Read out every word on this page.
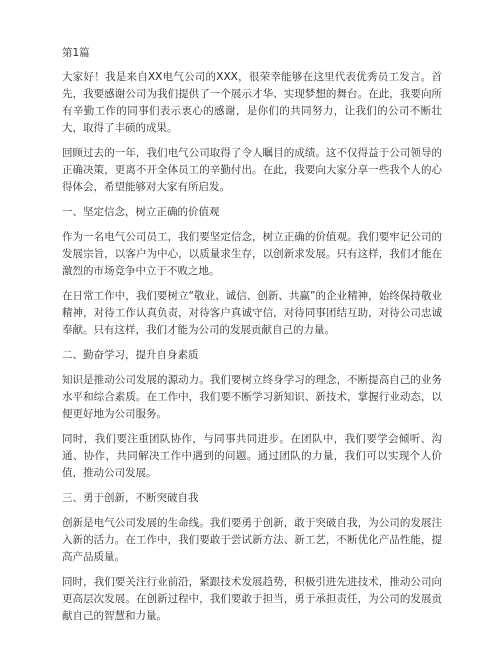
第1篇

大家好！我是来自XX电气公司的XXX，很荣幸能够在这里代表优秀员工发言。首先，我要感谢公司为我们提供了一个展示才华、实现梦想的舞台。在此，我要向所有辛勤工作的同事们表示衷心的感谢，是你们的共同努力，让我们的公司不断壮大，取得了丰硕的成果。

回顾过去的一年，我们电气公司取得了令人瞩目的成绩。这不仅得益于公司领导的正确决策，更离不开全体员工的辛勤付出。在此，我要向大家分享一些我个人的心得体会，希望能够对大家有所启发。

一、坚定信念，树立正确的价值观

作为一名电气公司员工，我们要坚定信念，树立正确的价值观。我们要牢记公司的发展宗旨，以客户为中心，以质量求生存，以创新求发展。只有这样，我们才能在激烈的市场竞争中立于不败之地。

在日常工作中，我们要树立“敬业、诚信、创新、共赢”的企业精神，始终保持敬业精神，对待工作认真负责，对待客户真诚守信，对待同事团结互助，对待公司忠诚奉献。只有这样，我们才能为公司的发展贡献自己的力量。

二、勤奋学习，提升自身素质

知识是推动公司发展的源动力。我们要树立终身学习的理念，不断提高自己的业务水平和综合素质。在工作中，我们要不断学习新知识、新技术，掌握行业动态，以便更好地为公司服务。

同时，我们要注重团队协作，与同事共同进步。在团队中，我们要学会倾听、沟通、协作，共同解决工作中遇到的问题。通过团队的力量，我们可以实现个人价值，推动公司发展。

三、勇于创新，不断突破自我

创新是电气公司发展的生命线。我们要勇于创新，敢于突破自我，为公司的发展注入新的活力。在工作中，我们要敢于尝试新方法、新工艺，不断优化产品性能，提高产品质量。

同时，我们要关注行业前沿，紧跟技术发展趋势，积极引进先进技术，推动公司向更高层次发展。在创新过程中，我们要敢于担当，勇于承担责任，为公司的发展贡献自己的智慧和力量。
